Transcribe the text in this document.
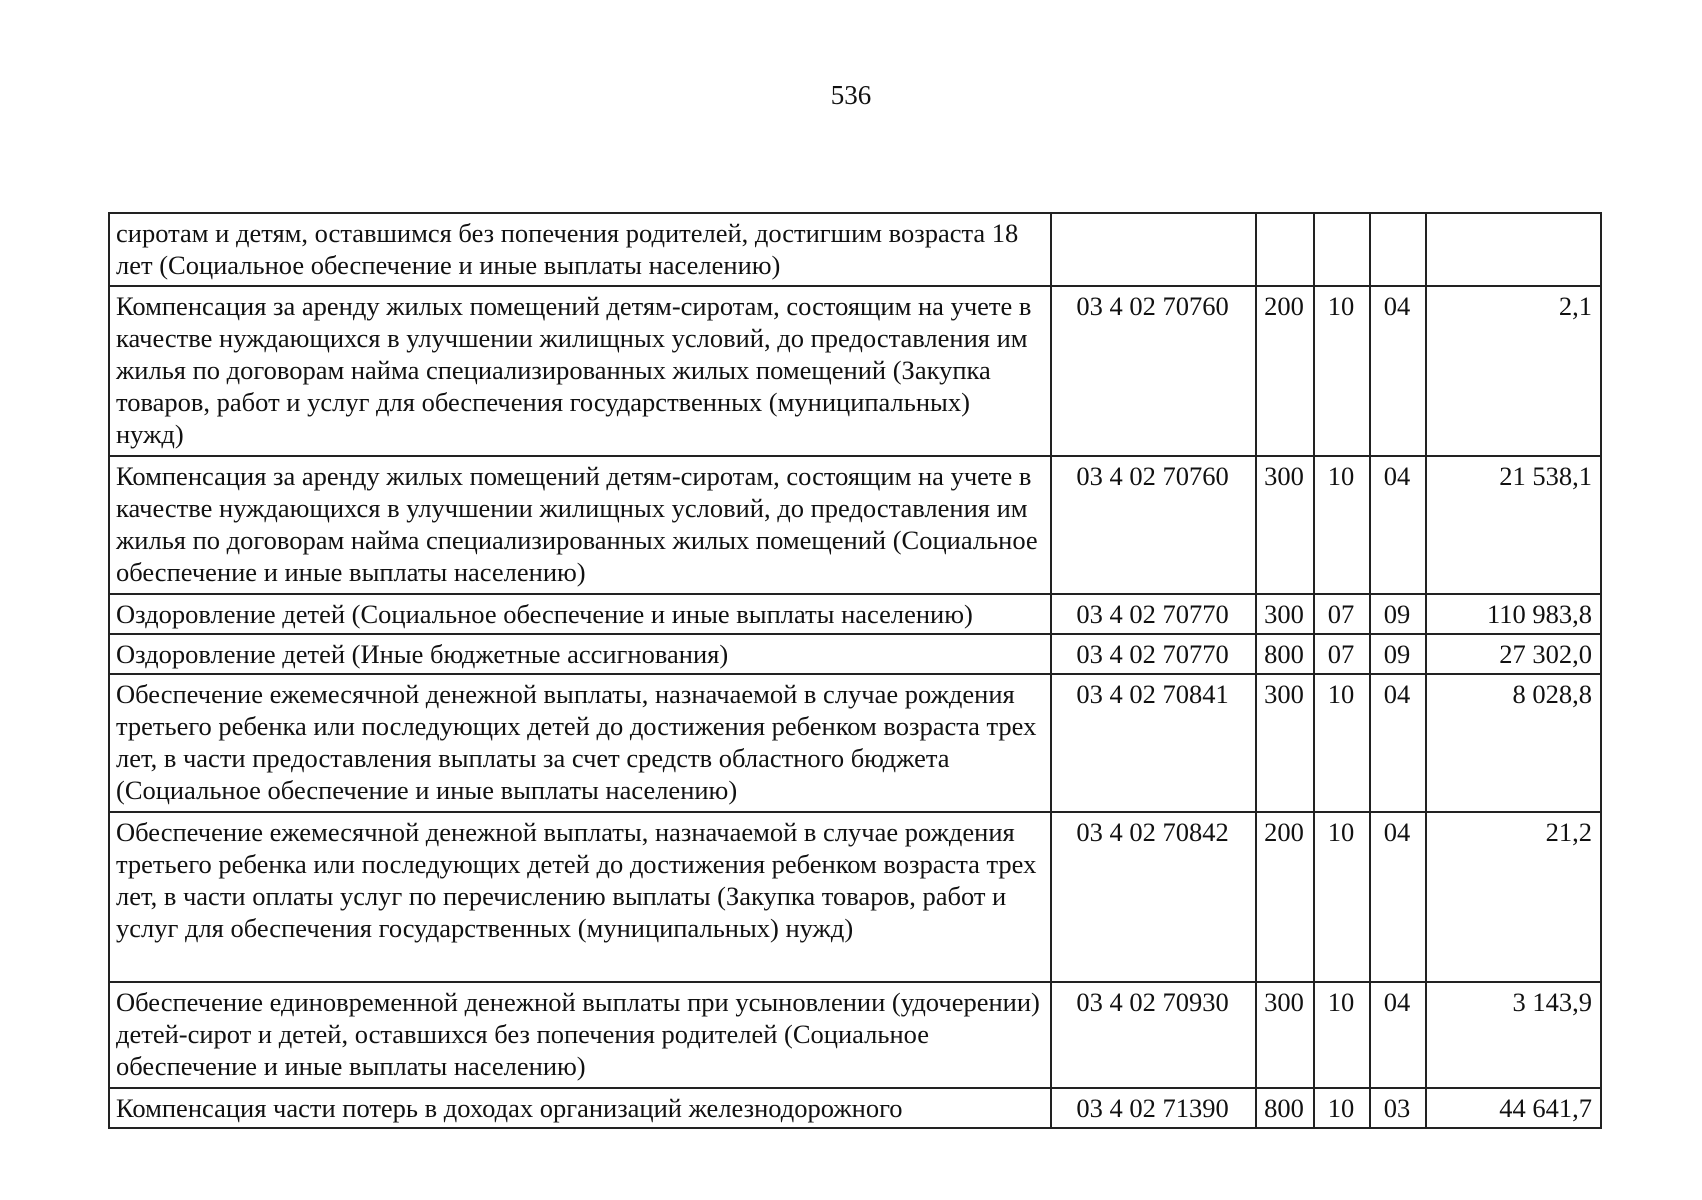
536
сиротам и детям, оставшимся без попечения родителей, достигшим возраста 18 лет (Социальное обеспечение и иные выплаты населению)					
Компенсация за аренду жилых помещений детям-сиротам, состоящим на учете в качестве нуждающихся в улучшении жилищных условий, до предоставления им жилья по договорам найма специализированных жилых помещений (Закупка товаров, работ и услуг для обеспечения государственных (муниципальных) нужд)	03 4 02 70760	200	10	04	2,1
Компенсация за аренду жилых помещений детям-сиротам, состоящим на учете в качестве нуждающихся в улучшении жилищных условий, до предоставления им жилья по договорам найма специализированных жилых помещений (Социальное обеспечение и иные выплаты населению)	03 4 02 70760	300	10	04	21 538,1
Оздоровление детей (Социальное обеспечение и иные выплаты населению)	03 4 02 70770	300	07	09	110 983,8
Оздоровление детей (Иные бюджетные ассигнования)	03 4 02 70770	800	07	09	27 302,0
Обеспечение ежемесячной денежной выплаты, назначаемой в случае рождения третьего ребенка или последующих детей до достижения ребенком возраста трех лет, в части предоставления выплаты за счет средств областного бюджета (Социальное обеспечение и иные выплаты населению)	03 4 02 70841	300	10	04	8 028,8
Обеспечение ежемесячной денежной выплаты, назначаемой в случае рождения третьего ребенка или последующих детей до достижения ребенком возраста трех лет, в части оплаты услуг по перечислению выплаты (Закупка товаров, работ и услуг для обеспечения государственных (муниципальных) нужд)	03 4 02 70842	200	10	04	21,2
Обеспечение единовременной денежной выплаты при усыновлении (удочерении) детей-сирот и детей, оставшихся без попечения родителей (Социальное обеспечение и иные выплаты населению)	03 4 02 70930	300	10	04	3 143,9
Компенсация части потерь в доходах организаций железнодорожного	03 4 02 71390	800	10	03	44 641,7
